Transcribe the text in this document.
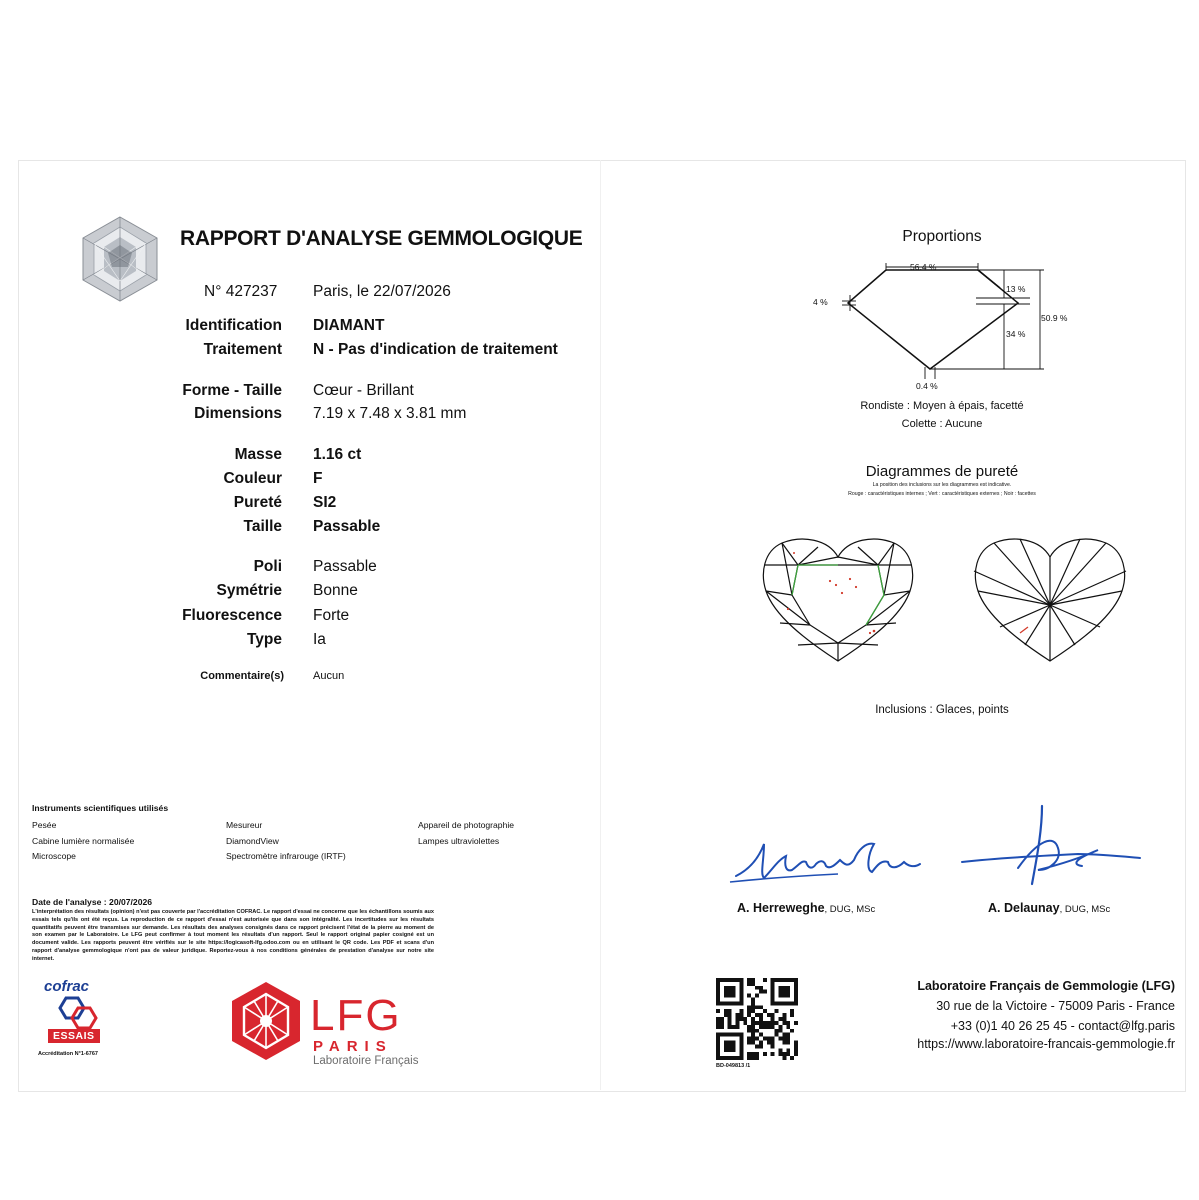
RAPPORT D'ANALYSE GEMMOLOGIQUE
N° 427237 Paris, le 22/07/2026
Identification DIAMANT
Traitement N - Pas d'indication de traitement
Forme - Taille Cœur - Brillant
Dimensions 7.19 x 7.48 x 3.81 mm
Masse 1.16 ct
Couleur F
Pureté SI2
Taille Passable
Poli Passable
Symétrie Bonne
Fluorescence Forte
Type Ia
Commentaire(s)	Aucun
Instruments scientifiques utilisés
Pesée
Cabine lumière normalisée
Microscope
Mesureur
DiamondView
Spectromètre infrarouge (IRTF)
Appareil de photographie
Lampes ultraviolettes
Date de l'analyse : 20/07/2026
L'interprétation des résultats (opinion) n'est pas couverte par l'accréditation COFRAC. Le rapport d'essai ne concerne que les échantillons soumis aux essais tels qu'ils ont été reçus. La reproduction de ce rapport d'essai n'est autorisée que dans son intégralité. Les incertitudes sur les résultats quantitatifs peuvent être transmises sur demande. Les résultats des analyses consignés dans ce rapport précisent l'état de la pierre au moment de son examen par le Laboratoire. Le LFG peut confirmer à tout moment les résultats d'un rapport. Seul le rapport original papier cosigné est un document valide. Les rapports peuvent être vérifiés sur le site https://logicasoft-lfg.odoo.com ou en utilisant le QR code. Les PDF et scans d'un rapport d'analyse gemmologique n'ont pas de valeur juridique. Reportez-vous à nos conditions générales de prestation d'analyse sur notre site internet.
cofrac
ESSAIS
Accréditation N°1-6767
LFG
PARIS
Laboratoire Français
Proportions
56.4 %
4 %
13 %
34 %
50.9 %
0.4 %
Rondiste : Moyen à épais, facetté
Colette : Aucune
Diagrammes de pureté
La position des inclusions sur les diagrammes est indicative.
Rouge : caractéristiques internes ; Vert : caractéristiques externes ; Noir : facettes
Inclusions : Glaces, points
A. Herreweghe, DUG, MSc	A. Delaunay, DUG, MSc
BD-049813 /1
Laboratoire Français de Gemmologie (LFG)
30 rue de la Victoire - 75009 Paris - France
+33 (0)1 40 26 25 45 - contact@lfg.paris
https://www.laboratoire-francais-gemmologie.fr
